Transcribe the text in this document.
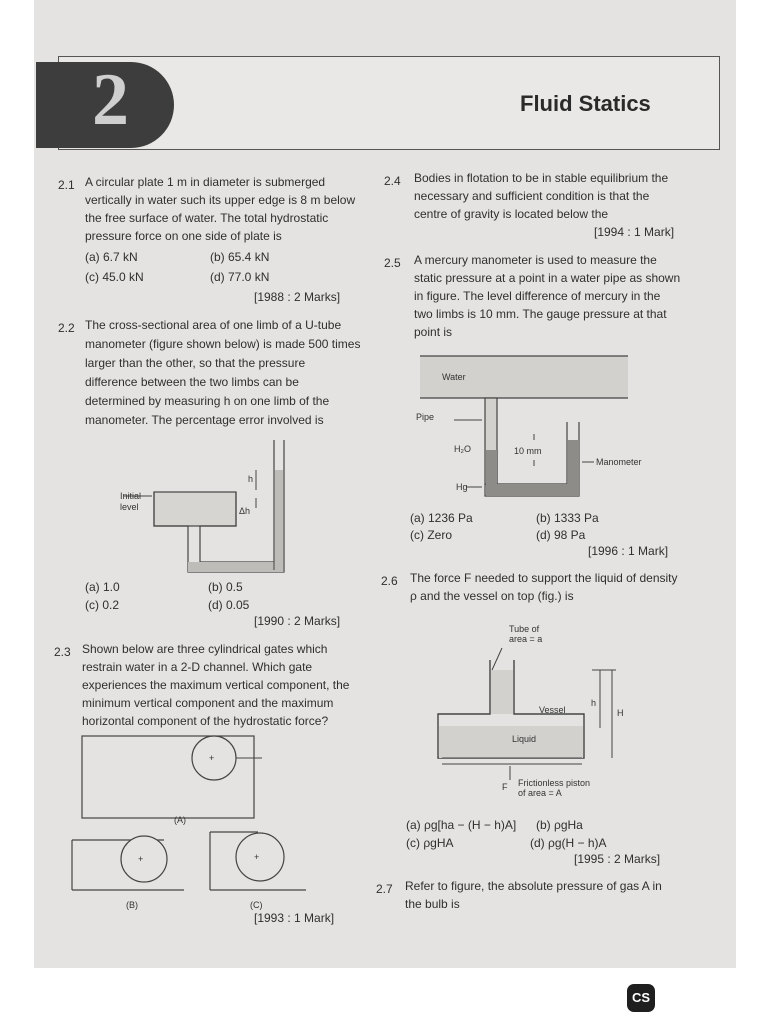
2	Fluid Statics
2.1 A circular plate 1 m in diameter is submerged
vertically in water such its upper edge is 8 m below
the free surface of water. The total hydrostatic
pressure force on one side of plate is
(a) 6.7 kN	(b) 65.4 kN
(c) 45.0 kN	(d) 77.0 kN
[1988 : 2 Marks]
2.2 The cross-sectional area of one limb of a U-tube
manometer (figure shown below) is made 500 times
larger than the other, so that the pressure
difference between the two limbs can be
determined by measuring h on one limb of the
manometer. The percentage error involved is
Initial
level
h
Δh
(a) 1.0	(b) 0.5
(c) 0.2	(d) 0.05
[1990 : 2 Marks]
2.3 Shown below are three cylindrical gates which
restrain water in a 2-D channel. Which gate
experiences the maximum vertical component, the
minimum vertical component and the maximum
horizontal component of the hydrostatic force?
+
(A)
+
(B)
+
(C)
[1993 : 1 Mark]
2.4 Bodies in flotation to be in stable equilibrium the
necessary and sufficient condition is that the
centre of gravity is located below the
[1994 : 1 Mark]
2.5 A mercury manometer is used to measure the
static pressure at a point in a water pipe as shown
in figure. The level difference of mercury in the
two limbs is 10 mm. The gauge pressure at that
point is
Water
Pipe
H₂O
Hg
10 mm
Manometer
(a) 1236 Pa	(b) 1333 Pa
(c) Zero	(d) 98 Pa
[1996 : 1 Mark]
2.6 The force F needed to support the liquid of density
ρ and the vessel on top (fig.) is
Tube of
area = a
Vessel
Liquid
h
H
F Frictionless piston
of area = A
(a) ρg[ha − (H − h)A] (b) ρgHa
(c) ρgHA	(d) ρg(H − h)A
[1995 : 2 Marks]
2.7 Refer to figure, the absolute pressure of gas A in
the bulb is
CS
